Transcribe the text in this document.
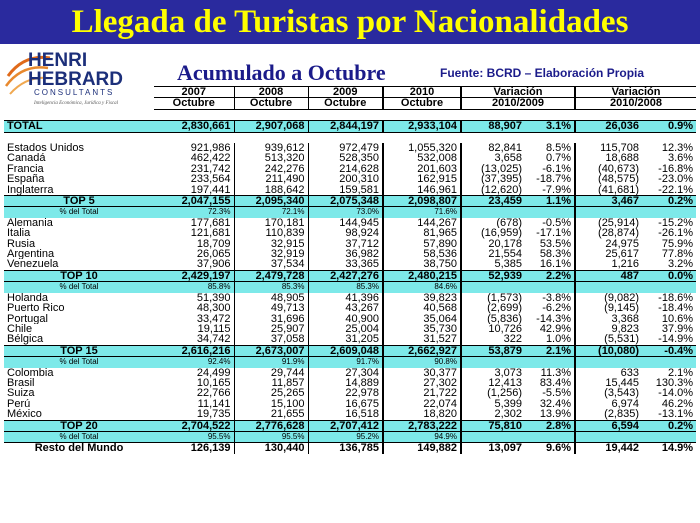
Llegada de Turistas por Nacionalidades
HENRI
HEBRARD
CONSULTANTS
Inteligencia Económica, Jurídica y Fiscal
Acumulado a Octubre	Fuente: BCRD – Elaboración Propia
	2007	2008	2009	2010	Variación		Variación	
	Octubre	Octubre	Octubre	Octubre	2010/2009		2010/2008	

TOTAL	2,830,661	2,907,068	2,844,197	2,933,104	88,907	3.1%	26,036	0.9%

Estados Unidos	921,986	939,612	972,479	1,055,320	82,841	8.5%	115,708	12.3%
Canadá	462,422	513,320	528,350	532,008	3,658	0.7%	18,688	3.6%
Francia	231,742	242,276	214,628	201,603	(13,025)	-6.1%	(40,673)	-16.8%
España	233,564	211,490	200,310	162,915	(37,395)	-18.7%	(48,575)	-23.0%
Inglaterra	197,441	188,642	159,581	146,961	(12,620)	-7.9%	(41,681)	-22.1%
TOP 5	2,047,155	2,095,340	2,075,348	2,098,807	23,459	1.1%	3,467	0.2%
% del Total	72.3%	72.1%	73.0%	71.6%				
Alemania	177,681	170,181	144,945	144,267	(678)	-0.5%	(25,914)	-15.2%
Italia	121,681	110,839	98,924	81,965	(16,959)	-17.1%	(28,874)	-26.1%
Rusia	18,709	32,915	37,712	57,890	20,178	53.5%	24,975	75.9%
Argentina	26,065	32,919	36,982	58,536	21,554	58.3%	25,617	77.8%
Venezuela	37,906	37,534	33,365	38,750	5,385	16.1%	1,216	3.2%
TOP 10	2,429,197	2,479,728	2,427,276	2,480,215	52,939	2.2%	487	0.0%
% del Total	85.8%	85.3%	85.3%	84.6%				
Holanda	51,390	48,905	41,396	39,823	(1,573)	-3.8%	(9,082)	-18.6%
Puerto Rico	48,300	49,713	43,267	40,568	(2,699)	-6.2%	(9,145)	-18.4%
Portugal	33,472	31,696	40,900	35,064	(5,836)	-14.3%	3,368	10.6%
Chile	19,115	25,907	25,004	35,730	10,726	42.9%	9,823	37.9%
Bélgica	34,742	37,058	31,205	31,527	322	1.0%	(5,531)	-14.9%
TOP 15	2,616,216	2,673,007	2,609,048	2,662,927	53,879	2.1%	(10,080)	-0.4%
% del Total	92.4%	91.9%	91.7%	90.8%				
Colombia	24,499	29,744	27,304	30,377	3,073	11.3%	633	2.1%
Brasil	10,165	11,857	14,889	27,302	12,413	83.4%	15,445	130.3%
Suiza	22,766	25,265	22,978	21,722	(1,256)	-5.5%	(3,543)	-14.0%
Perú	11,141	15,100	16,675	22,074	5,399	32.4%	6,974	46.2%
México	19,735	21,655	16,518	18,820	2,302	13.9%	(2,835)	-13.1%
TOP 20	2,704,522	2,776,628	2,707,412	2,783,222	75,810	2.8%	6,594	0.2%
% del Total	95.5%	95.5%	95.2%	94.9%				
Resto del Mundo	126,139	130,440	136,785	149,882	13,097	9.6%	19,442	14.9%
